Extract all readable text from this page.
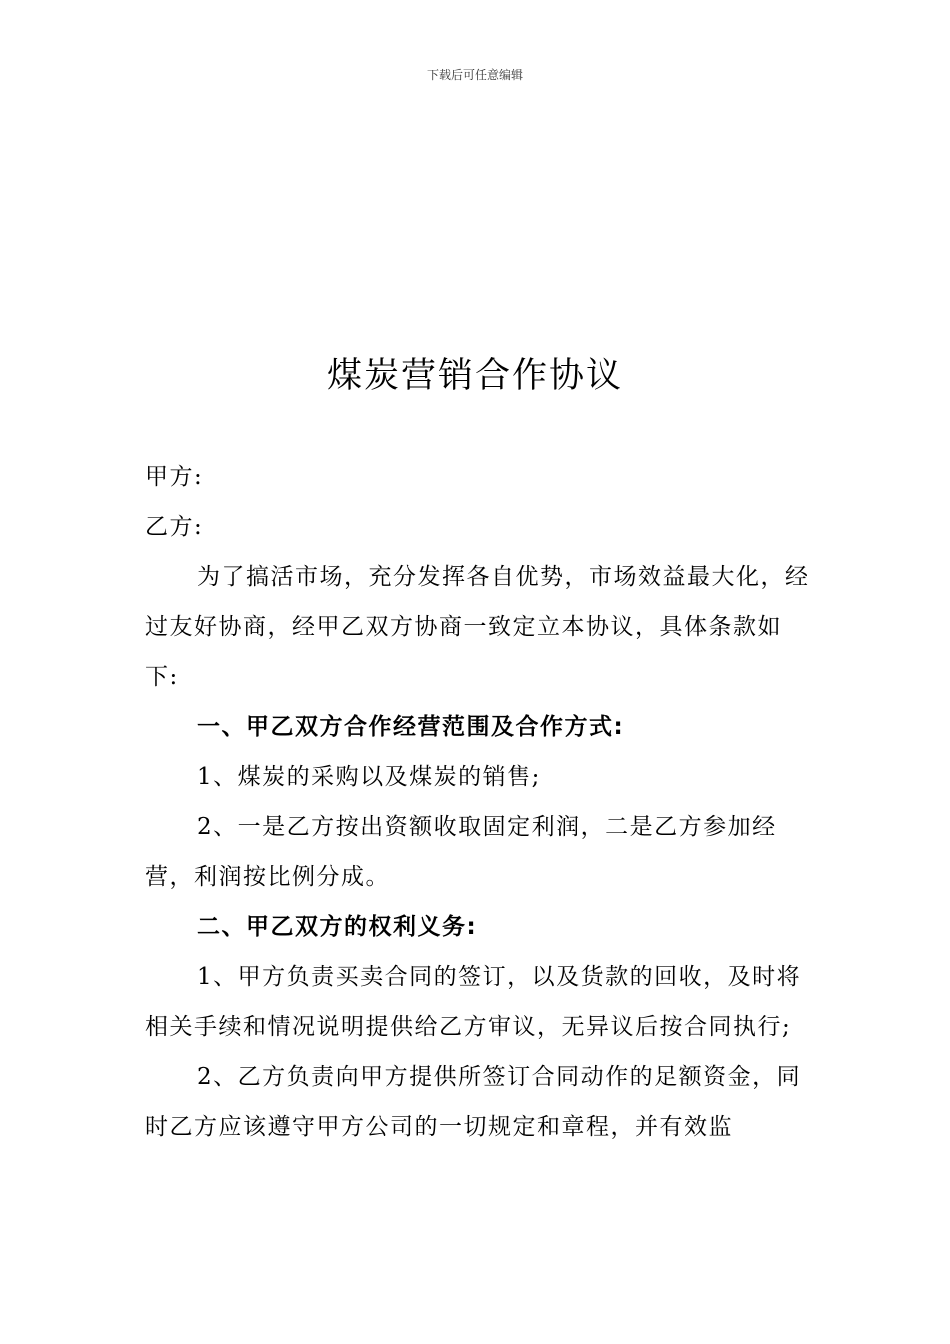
下载后可任意编辑
煤炭营销合作协议

甲方:

乙方:

为了搞活市场，充分发挥各自优势，市场效益最大化，经过友好协商，经甲乙双方协商一致定立本协议，具体条款如下:

一、甲乙双方合作经营范围及合作方式:

1、煤炭的采购以及煤炭的销售;

2、一是乙方按出资额收取固定利润，二是乙方参加经营，利润按比例分成。

二、甲乙双方的权利义务:

1、甲方负责买卖合同的签订，以及货款的回收，及时将相关手续和情况说明提供给乙方审议，无异议后按合同执行;

2、乙方负责向甲方提供所签订合同动作的足额资金，同时乙方应该遵守甲方公司的一切规定和章程，并有效监
